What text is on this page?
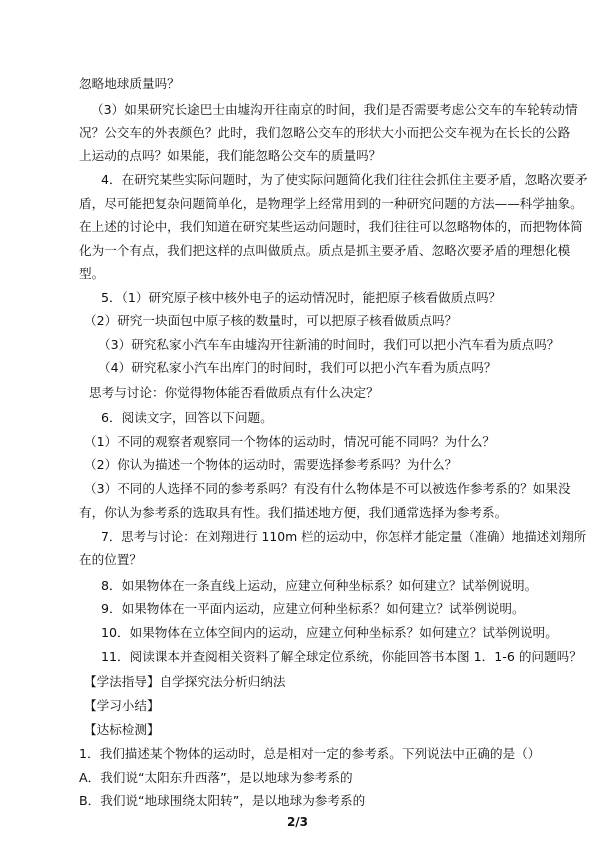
忽略地球质量吗？
（3）如果研究长途巴士由墟沟开往南京的时间，我们是否需要考虑公交车的车轮转动情
况？公交车的外表颜色？此时，我们忽略公交车的形状大小而把公交车视为在长长的公路
上运动的点吗？如果能，我们能忽略公交车的质量吗？
4．在研究某些实际问题时，为了使实际问题简化我们往往会抓住主要矛盾，忽略次要矛
盾，尽可能把复杂问题简单化，是物理学上经常用到的一种研究问题的方法——科学抽象。
在上述的讨论中，我们知道在研究某些运动问题时，我们往往可以忽略物体的，而把物体简
化为一个有点，我们把这样的点叫做质点。质点是抓主要矛盾、忽略次要矛盾的理想化模
型。
5．（1）研究原子核中核外电子的运动情况时，能把原子核看做质点吗？
（2）研究一块面包中原子核的数量时，可以把原子核看做质点吗？
（3）研究私家小汽车车由墟沟开往新浦的时间时，我们可以把小汽车看为质点吗？
（4）研究私家小汽车出库门的时间时，我们可以把小汽车看为质点吗？
思考与讨论：你觉得物体能否看做质点有什么决定？
6．阅读文字，回答以下问题。
（1）不同的观察者观察同一个物体的运动时，情况可能不同吗？为什么？
（2）你认为描述一个物体的运动时，需要选择参考系吗？为什么？
（3）不同的人选择不同的参考系吗？有没有什么物体是不可以被选作参考系的？如果没
有，你认为参考系的选取具有性。我们描述地方便，我们通常选择为参考系。
7．思考与讨论：在刘翔进行 110m 栏的运动中，你怎样才能定量（准确）地描述刘翔所
在的位置？
8．如果物体在一条直线上运动，应建立何种坐标系？如何建立？试举例说明。
9．如果物体在一平面内运动，应建立何种坐标系？如何建立？试举例说明。
10．如果物体在立体空间内的运动，应建立何种坐标系？如何建立？试举例说明。
11．阅读课本并查阅相关资料了解全球定位系统，你能回答书本图 1．1-6 的问题吗？
【学法指导】自学探究法分析归纳法
【学习小结】
【达标检测】
1．我们描述某个物体的运动时，总是相对一定的参考系。下列说法中正确的是（）
A．我们说“太阳东升西落”，是以地球为参考系的
B．我们说“地球围绕太阳转”，是以地球为参考系的
2/3
